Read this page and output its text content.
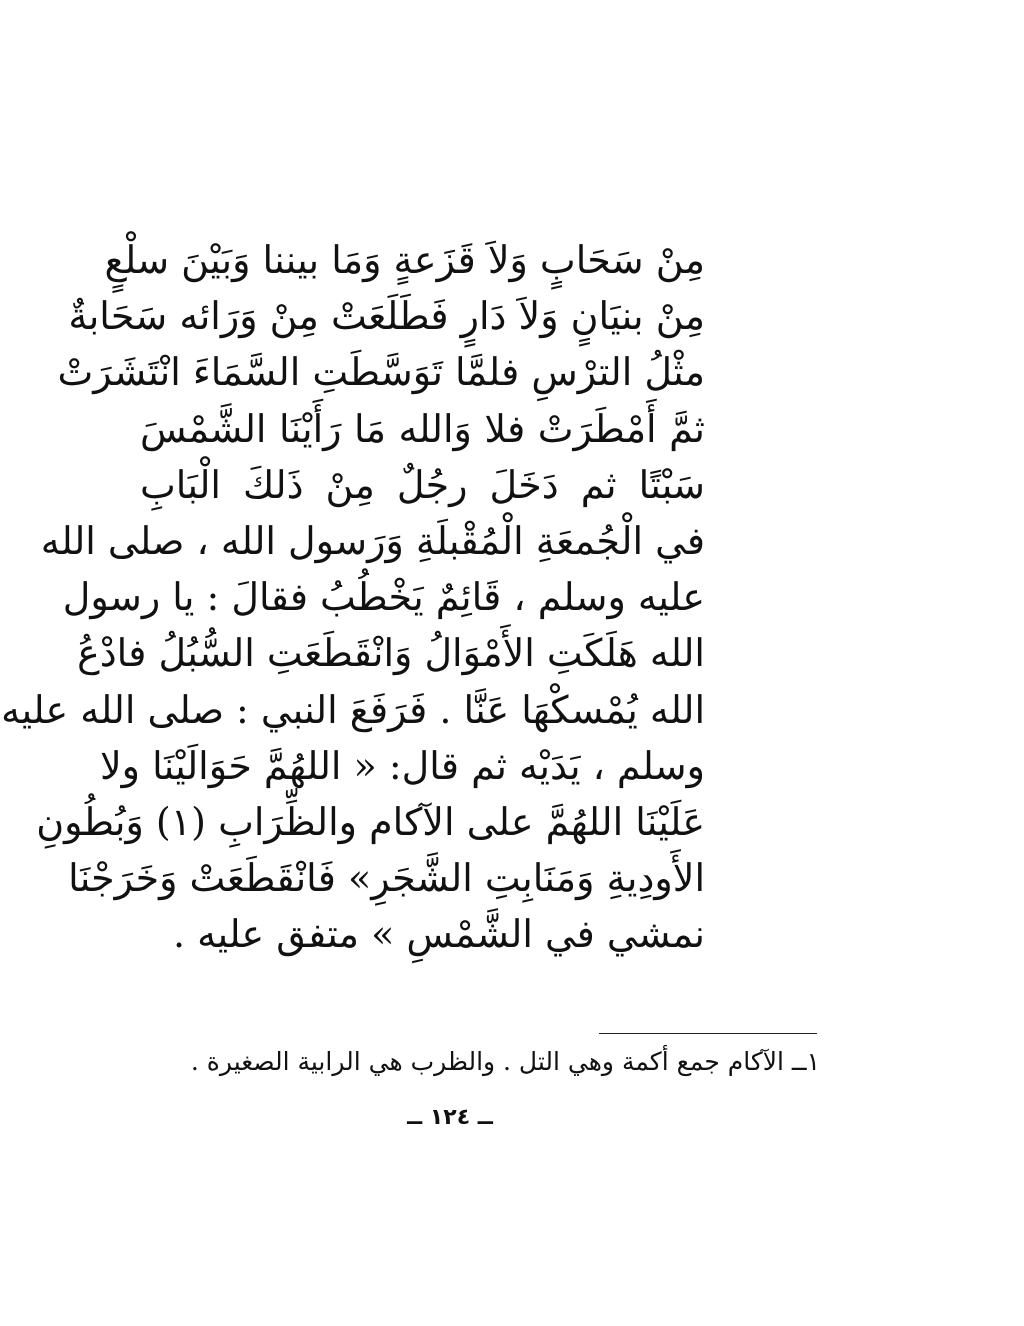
مِنْ سَحَابٍ وَلاَ قَزَعةٍ وَمَا بيننا وَبَيْنَ سلْعٍ
مِنْ بنيَانٍ وَلاَ دَارٍ فَطَلَعَتْ مِنْ وَرَائه سَحَابةٌ
مثْلُ الترْسِ فلمَّا تَوَسَّطَتِ السَّمَاءَ انْتَشَرَتْ
ثمَّ أَمْطَرَتْ فلا وَالله مَا رَأَيْنَا الشَّمْسَ
سَبْتًا ثم دَخَلَ رجُلٌ مِنْ ذَلكَ الْبَابِ
في الْجُمعَةِ الْمُقْبلَةِ وَرَسول الله ، صلى الله
عليه وسلم ، قَائِمٌ يَخْطُبُ فقالَ : يا رسول
الله هَلَكَتِ الأَمْوَالُ وَانْقَطَعَتِ السُّبُلُ فادْعُ
الله يُمْسكْهَا عَنَّا . فَرَفَعَ النبي : صلى الله عليه
وسلم ، يَدَيْه ثم قال: « اللهُمَّ حَوَالَيْنَا ولا
عَلَيْنَا اللهُمَّ على الآكام والظِّرَابِ (١) وَبُطُونِ
الأَودِيةِ وَمَنَابِتِ الشَّجَرِ» فَانْقَطَعَتْ وَخَرَجْنَا
نمشي في الشَّمْسِ » متفق عليه .
١ــ الآكام جمع أكمة وهي التل . والظرب هي الرابية الصغيرة .
ــ ١٢٤ ــ
